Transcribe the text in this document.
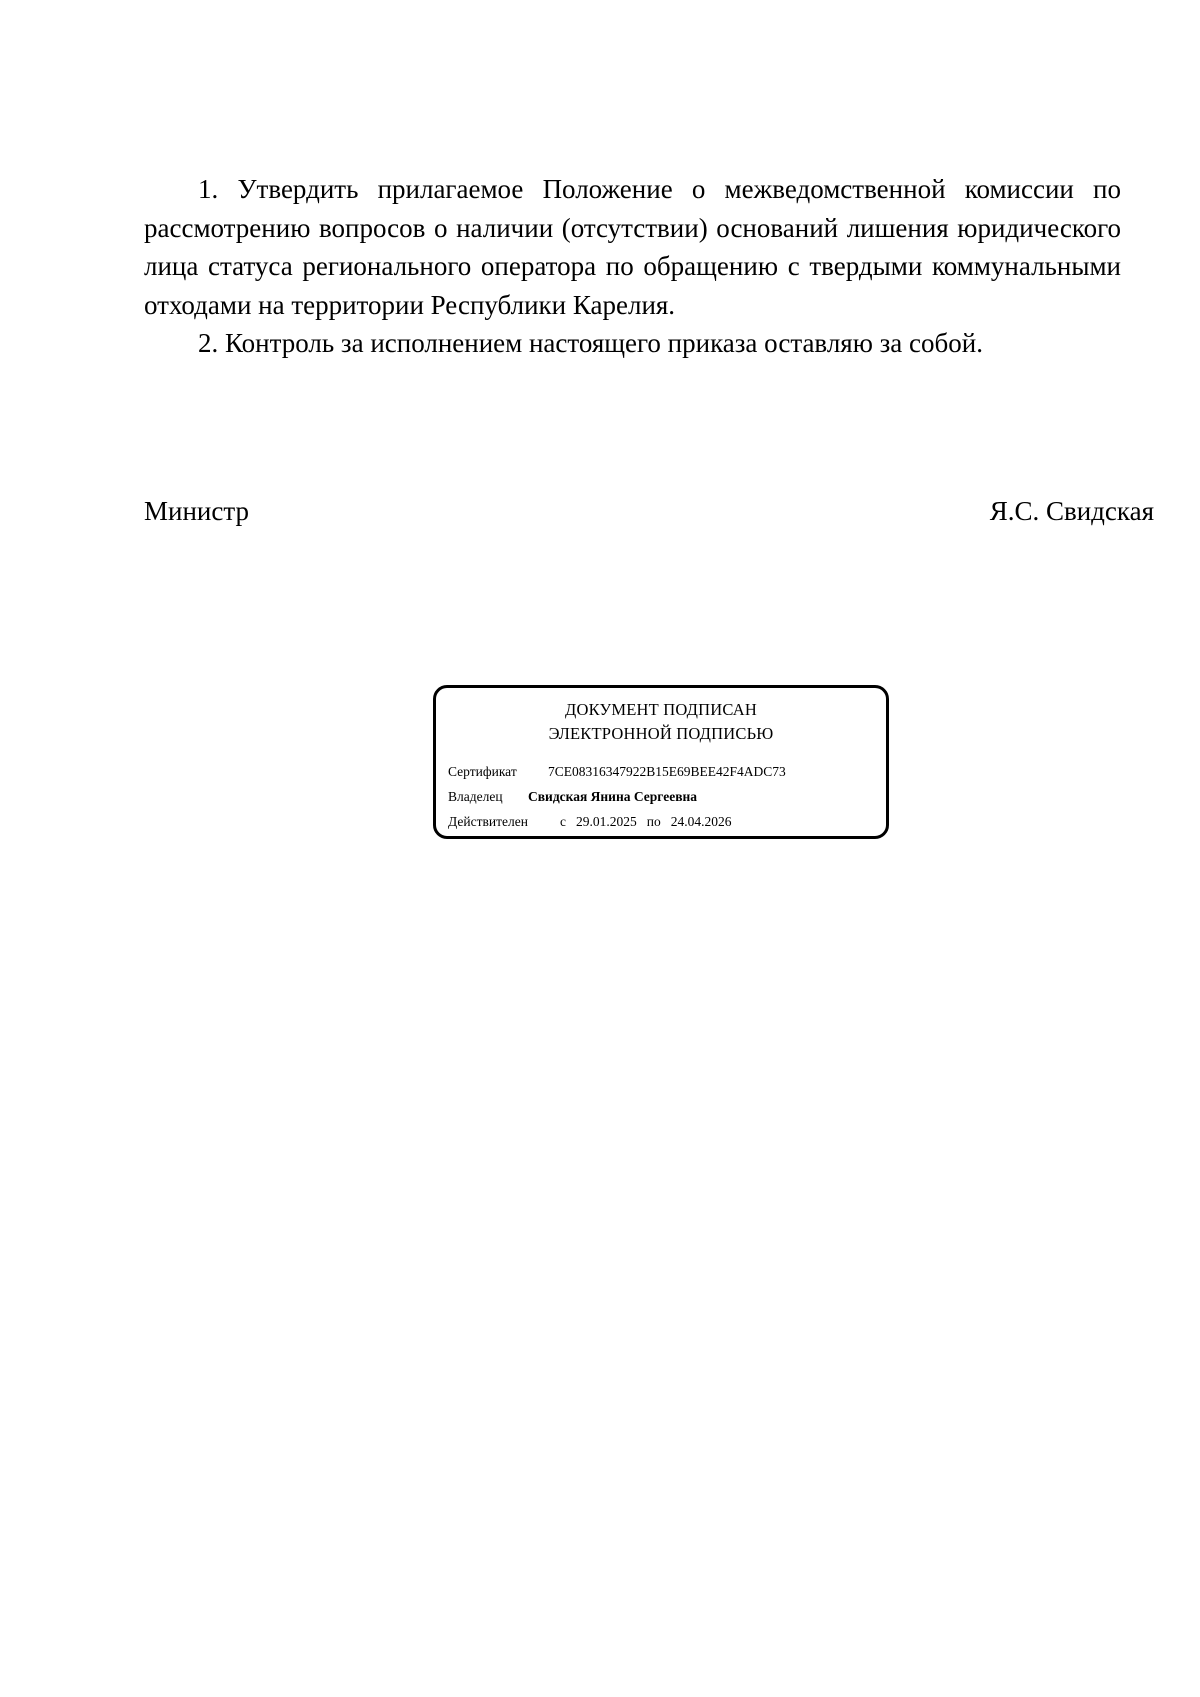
1. Утвердить прилагаемое Положение о межведомственной комиссии по рассмотрению вопросов о наличии (отсутствии) оснований лишения юридического лица статуса регионального оператора по обращению с твердыми коммунальными отходами на территории Республики Карелия.

2. Контроль за исполнением настоящего приказа оставляю за собой.

Министр	Я.С. Свидская
ДОКУМЕНТ ПОДПИСАН
ЭЛЕКТРОННОЙ ПОДПИСЬЮ
Сертификат 7CE08316347922B15E69BEE42F4ADC73
Владелец Свидская Янина Сергеевна
Действителен с 29.01.2025 по 24.04.2026
